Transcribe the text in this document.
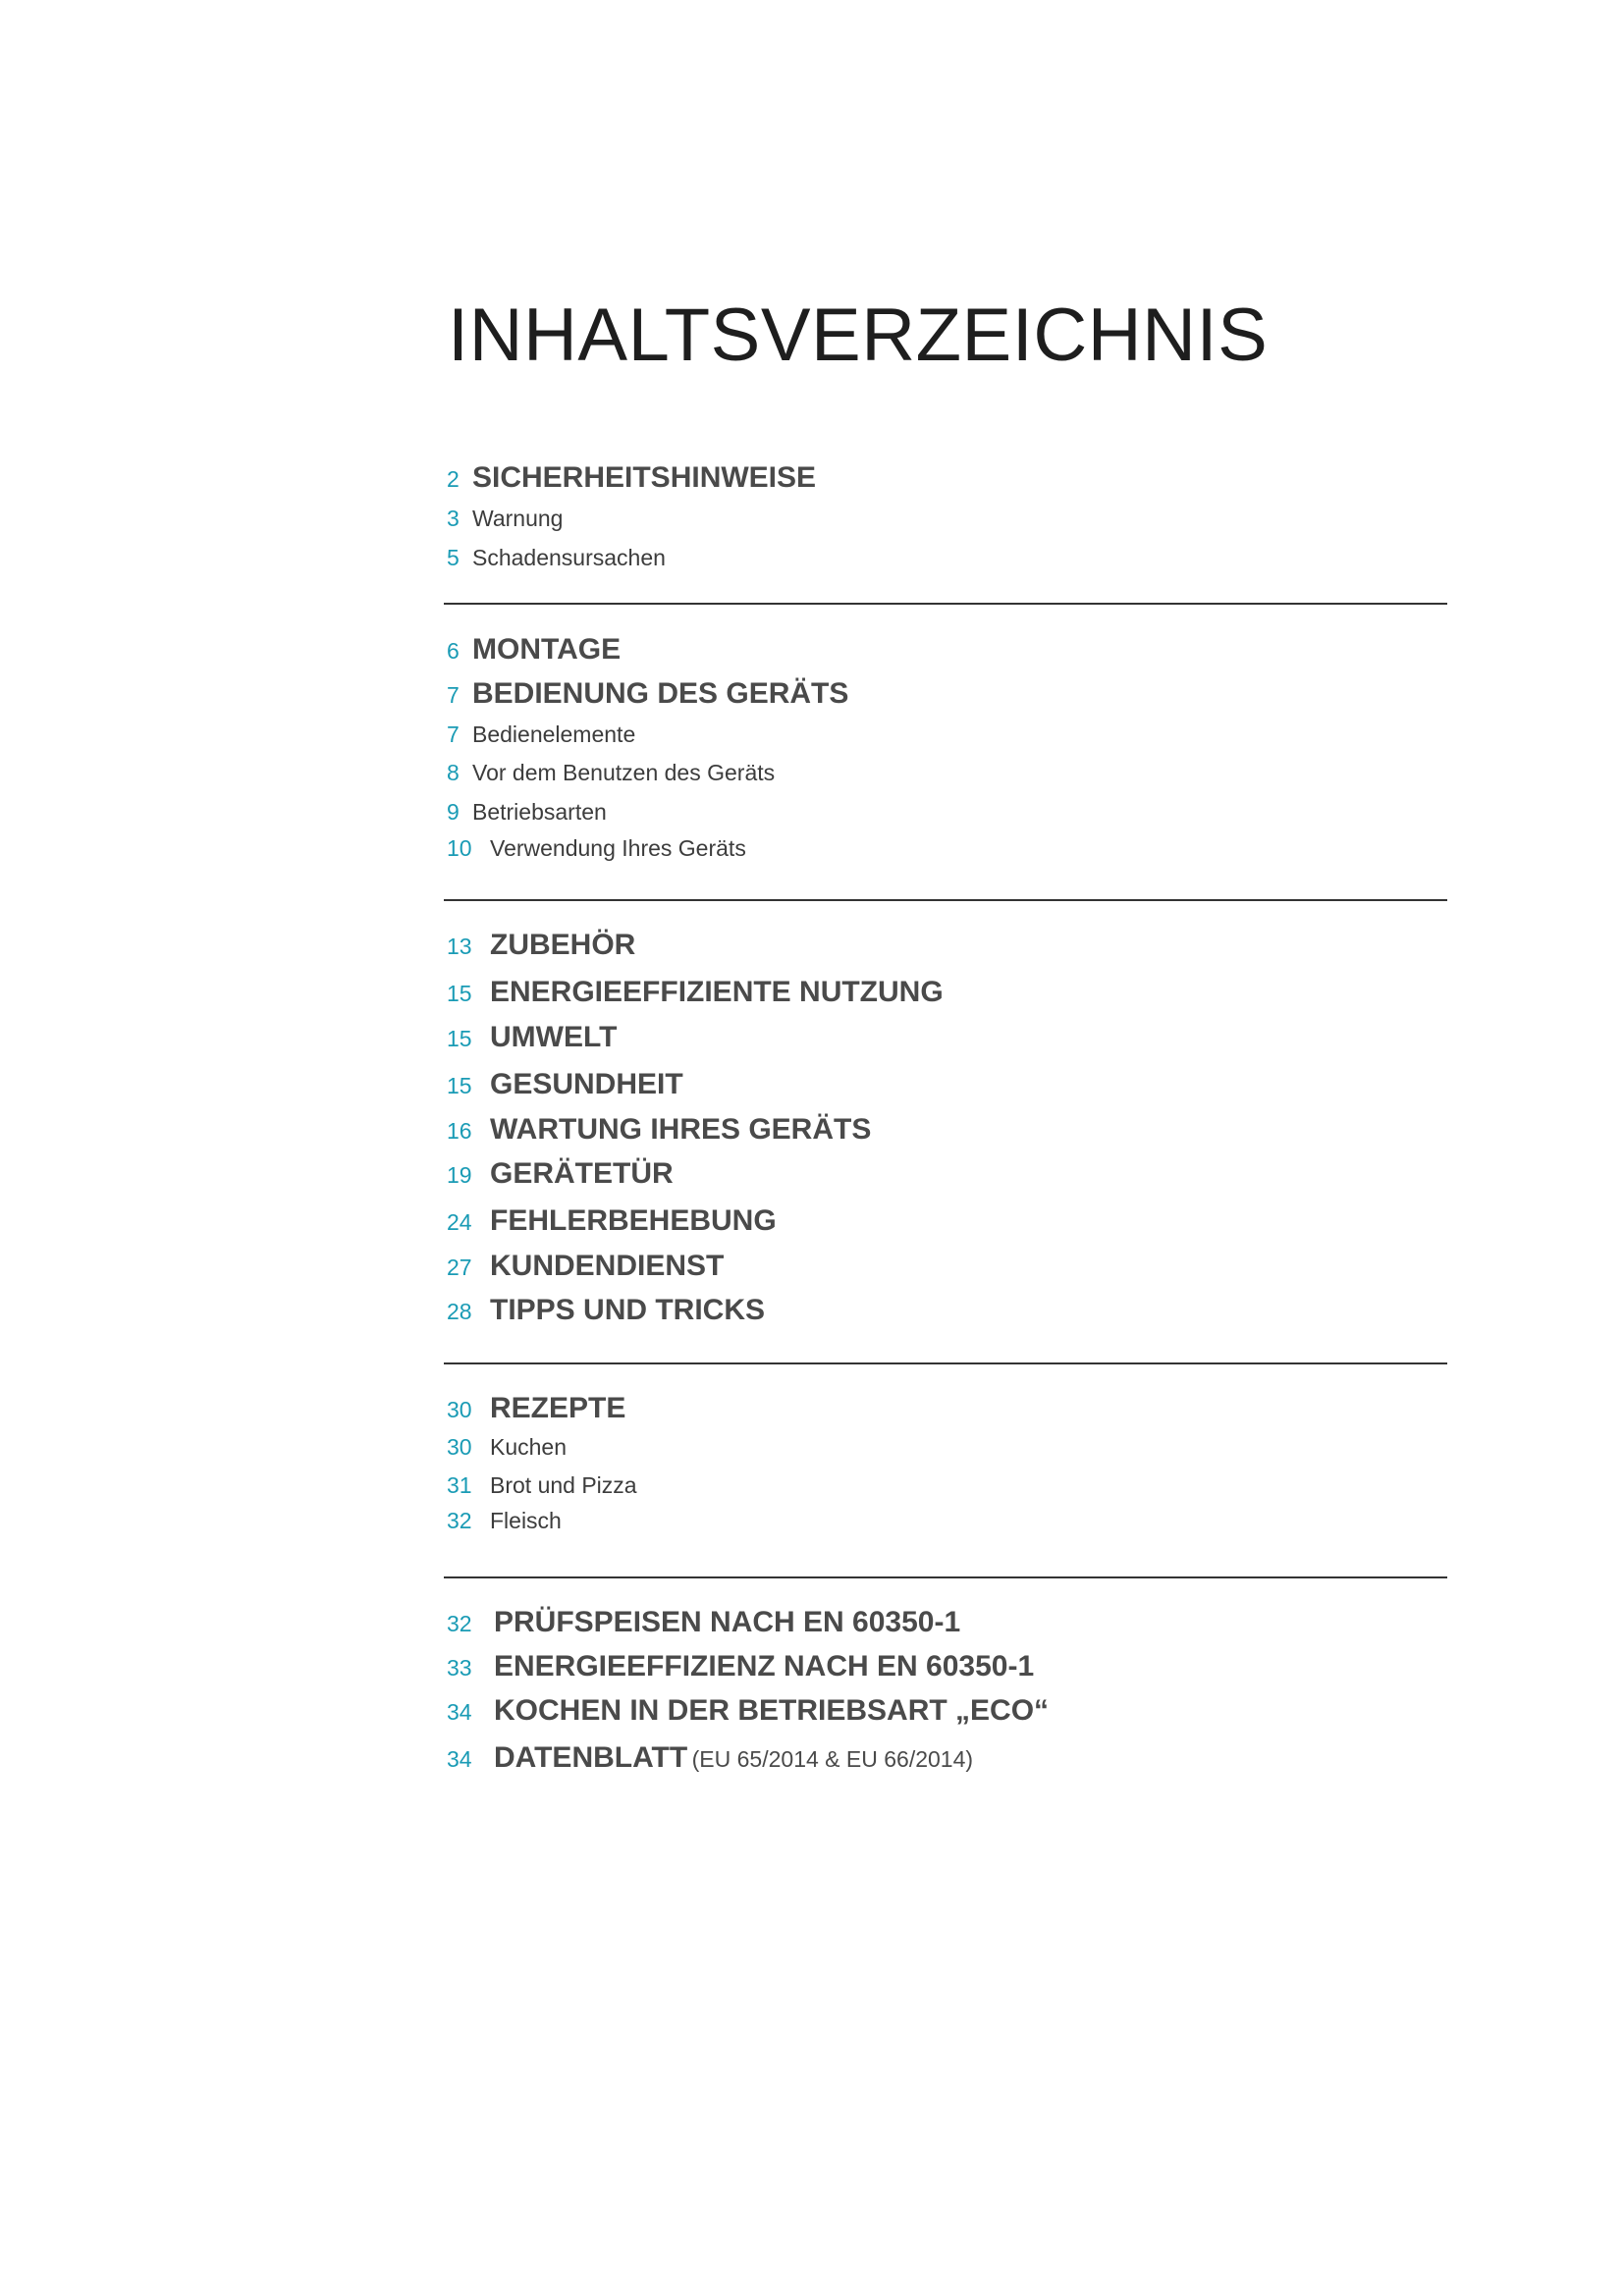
INHALTSVERZEICHNIS
2 SICHERHEITSHINWEISE
3 Warnung
5 Schadensursachen
6 MONTAGE
7 BEDIENUNG DES GERÄTS
7 Bedienelemente
8 Vor dem Benutzen des Geräts
9 Betriebsarten
10 Verwendung Ihres Geräts
13 ZUBEHÖR
15 ENERGIEEFFIZIENTE NUTZUNG
15 UMWELT
15 GESUNDHEIT
16 WARTUNG IHRES GERÄTS
19 GERÄTETÜR
24 FEHLERBEHEBUNG
27 KUNDENDIENST
28 TIPPS UND TRICKS
30 REZEPTE
30 Kuchen
31 Brot und Pizza
32 Fleisch
32 PRÜFSPEISEN NACH EN 60350-1
33 ENERGIEEFFIZIENZ NACH EN 60350-1
34 KOCHEN IN DER BETRIEBSART „ECO“
34 DATENBLATT (EU 65/2014 & EU 66/2014)
